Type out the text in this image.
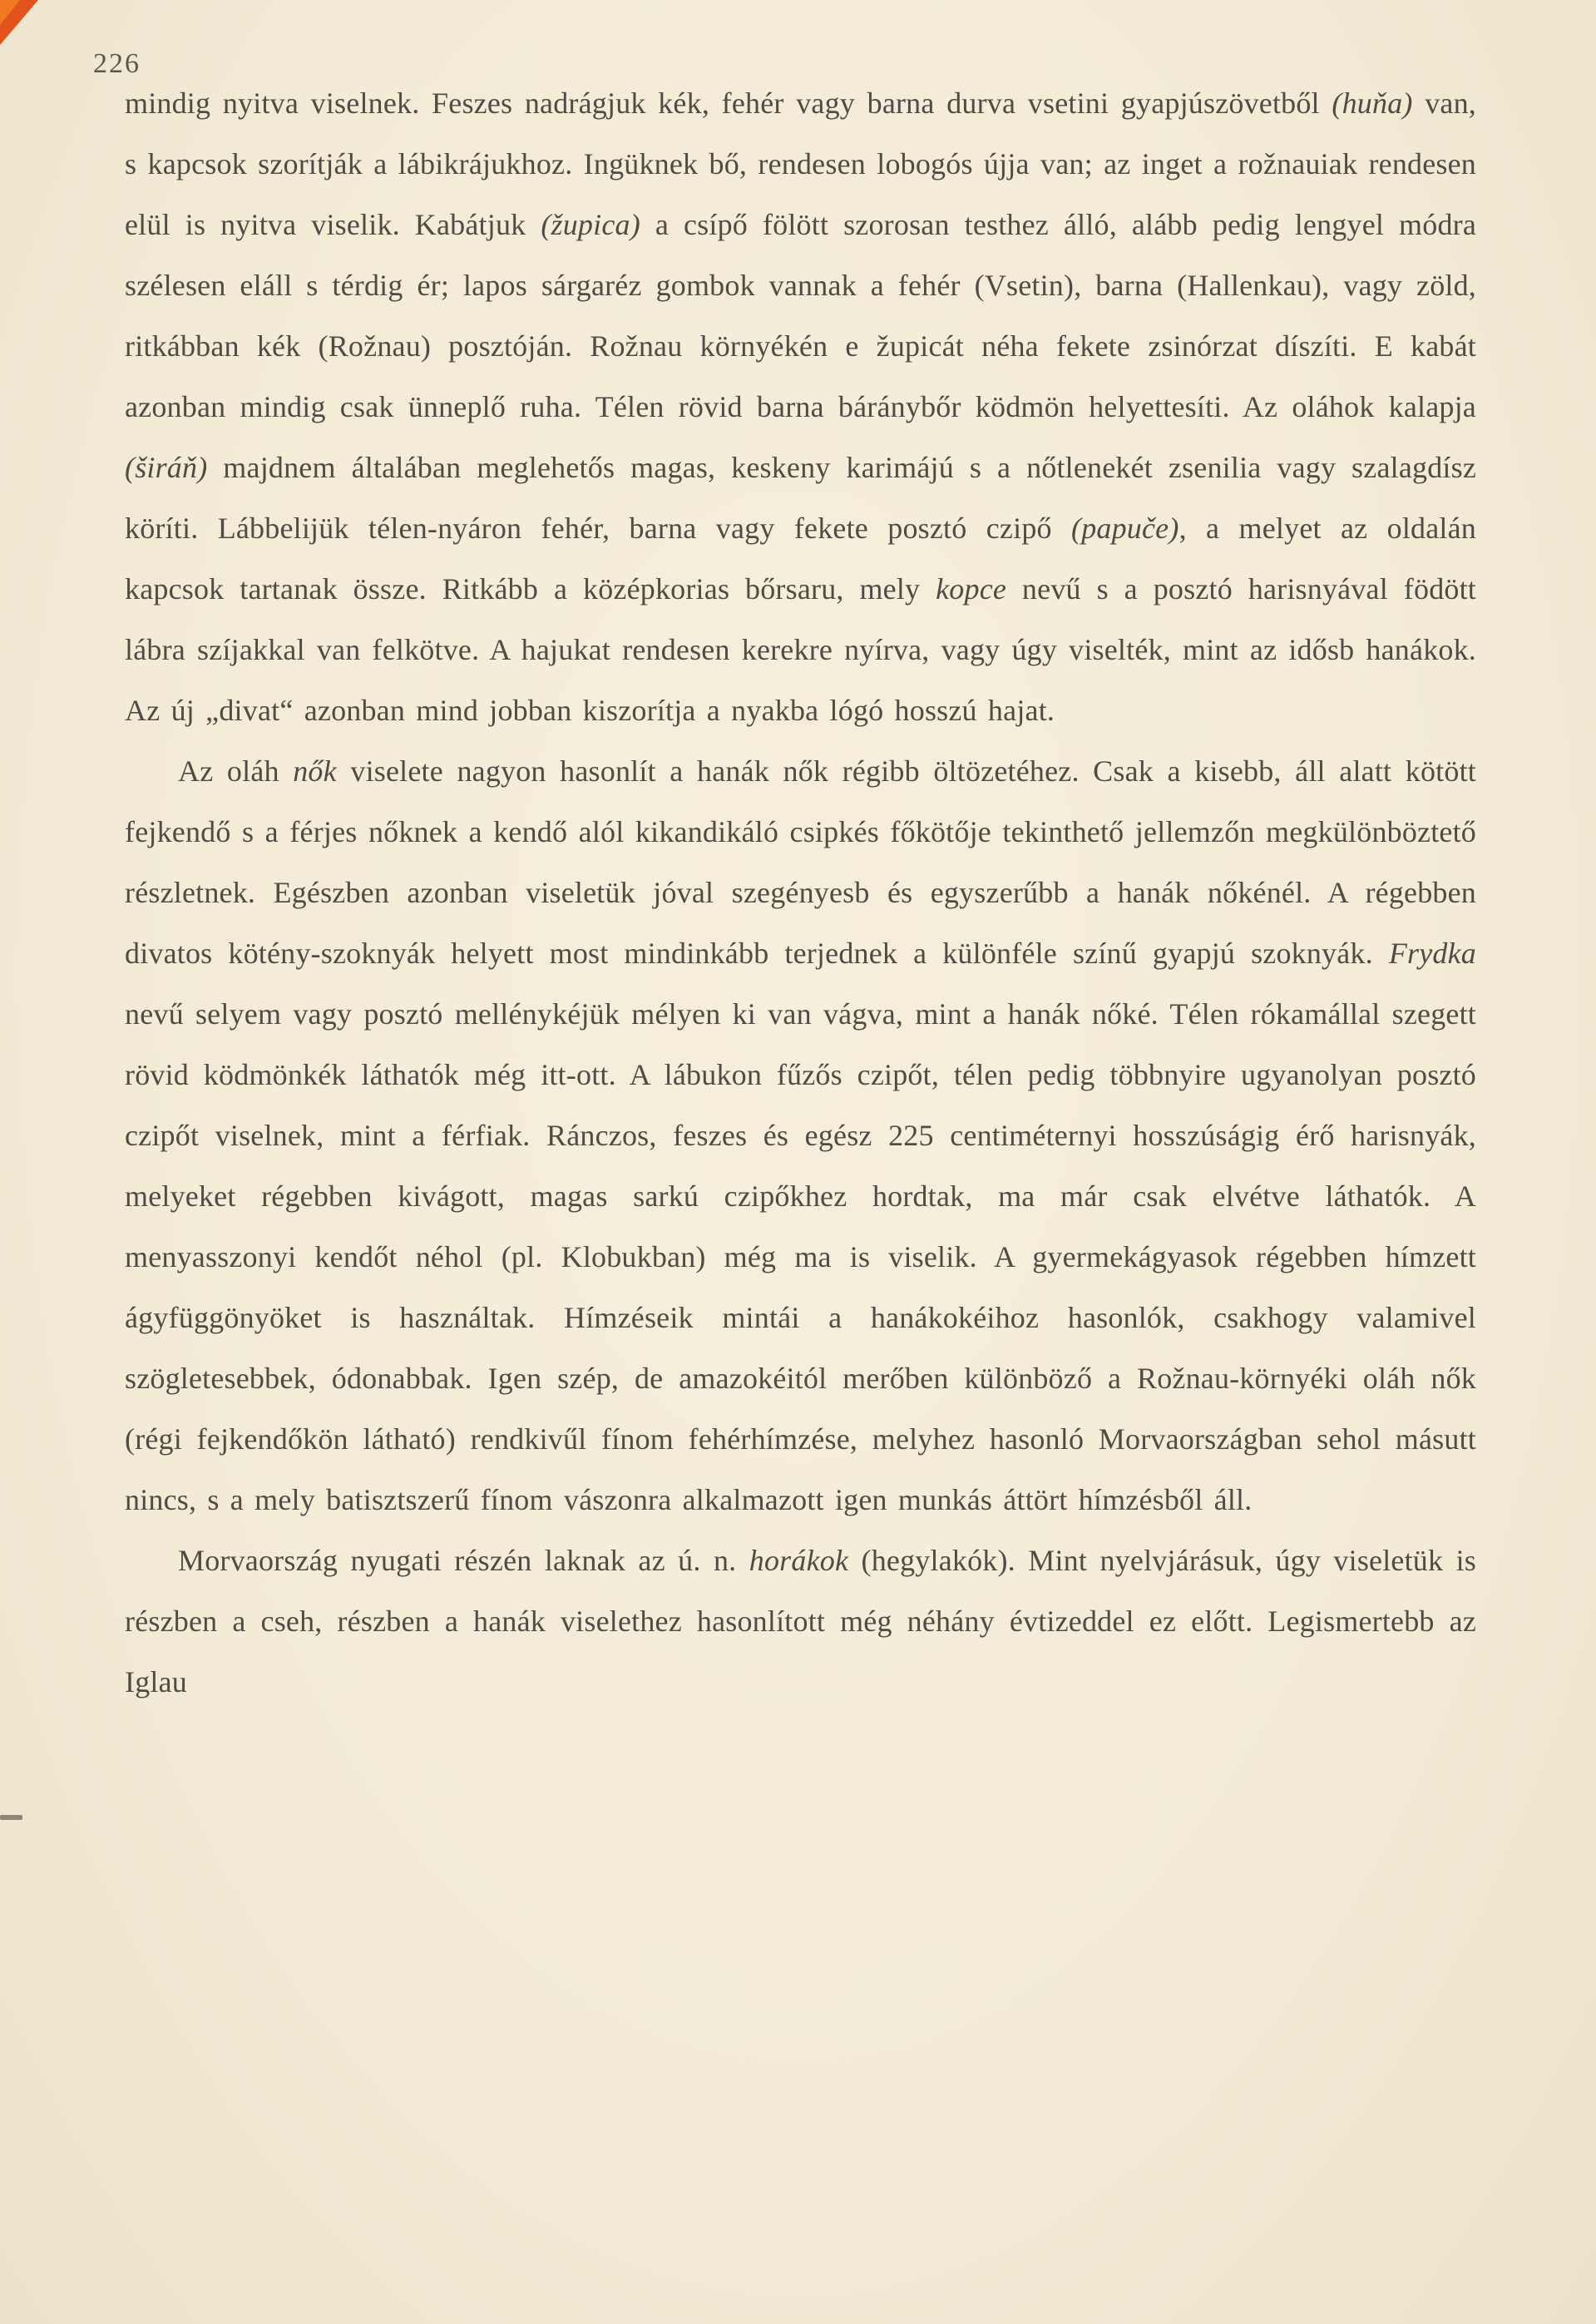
226

mindig nyitva viselnek. Feszes nadrágjuk kék, fehér vagy barna durva vsetini gyapjúszövetből (huňa) van, s kapcsok szorítják a lábikrájukhoz. Ingüknek bő, rendesen lobogós újja van; az inget a rožnauiak rendesen elül is nyitva viselik. Kabátjuk (župica) a csípő fölött szorosan testhez álló, alább pedig lengyel módra szélesen eláll s térdig ér; lapos sárgaréz gombok vannak a fehér (Vsetin), barna (Hallenkau), vagy zöld, ritkábban kék (Rožnau) posztóján. Rožnau környékén e župicát néha fekete zsinórzat díszíti. E kabát azonban mindig csak ünneplő ruha. Télen rövid barna báránybőr ködmön helyettesíti. Az oláhok kalapja (širáň) majdnem általában meglehetős magas, keskeny karimájú s a nőtlenekét zsenilia vagy szalagdísz köríti. Lábbelijük télen-nyáron fehér, barna vagy fekete posztó czipő (papuče), a melyet az oldalán kapcsok tartanak össze. Ritkább a középkorias bőrsaru, mely kopce nevű s a posztó harisnyával födött lábra szíjakkal van felkötve. A hajukat rendesen kerekre nyírva, vagy úgy viselték, mint az idősb hanákok. Az új „divat“ azonban mind jobban kiszorítja a nyakba lógó hosszú hajat.

Az oláh nők viselete nagyon hasonlít a hanák nők régibb öltözetéhez. Csak a kisebb, áll alatt kötött fejkendő s a férjes nőknek a kendő alól kikandikáló csipkés főkötője tekinthető jellemzőn megkülönböztető részletnek. Egészben azonban viseletük jóval szegényesb és egyszerűbb a hanák nőkénél. A régebben divatos kötény-szoknyák helyett most mindinkább terjednek a különféle színű gyapjú szoknyák. Frydka nevű selyem vagy posztó mellénykéjük mélyen ki van vágva, mint a hanák nőké. Télen rókamállal szegett rövid ködmönkék láthatók még itt-ott. A lábukon fűzős czipőt, télen pedig többnyire ugyanolyan posztó czipőt viselnek, mint a férfiak. Ránczos, feszes és egész 225 centiméternyi hosszúságig érő harisnyák, melyeket régebben kivágott, magas sarkú czipőkhez hordtak, ma már csak elvétve láthatók. A menyasszonyi kendőt néhol (pl. Klobukban) még ma is viselik. A gyermekágyasok régebben hímzett ágyfüggönyöket is használtak. Hímzéseik mintái a hanákokéihoz hasonlók, csakhogy valamivel szögletesebbek, ódonabbak. Igen szép, de amazokéitól merőben különböző a Rožnau-környéki oláh nők (régi fejkendőkön látható) rendkivűl fínom fehérhímzése, melyhez hasonló Morvaországban sehol másutt nincs, s a mely batisztszerű fínom vászonra alkalmazott igen munkás áttört hímzésből áll.

Morvaország nyugati részén laknak az ú. n. horákok (hegylakók). Mint nyelvjárásuk, úgy viseletük is részben a cseh, részben a hanák viselethez hasonlított még néhány évtizeddel ez előtt. Legismertebb az Iglau
